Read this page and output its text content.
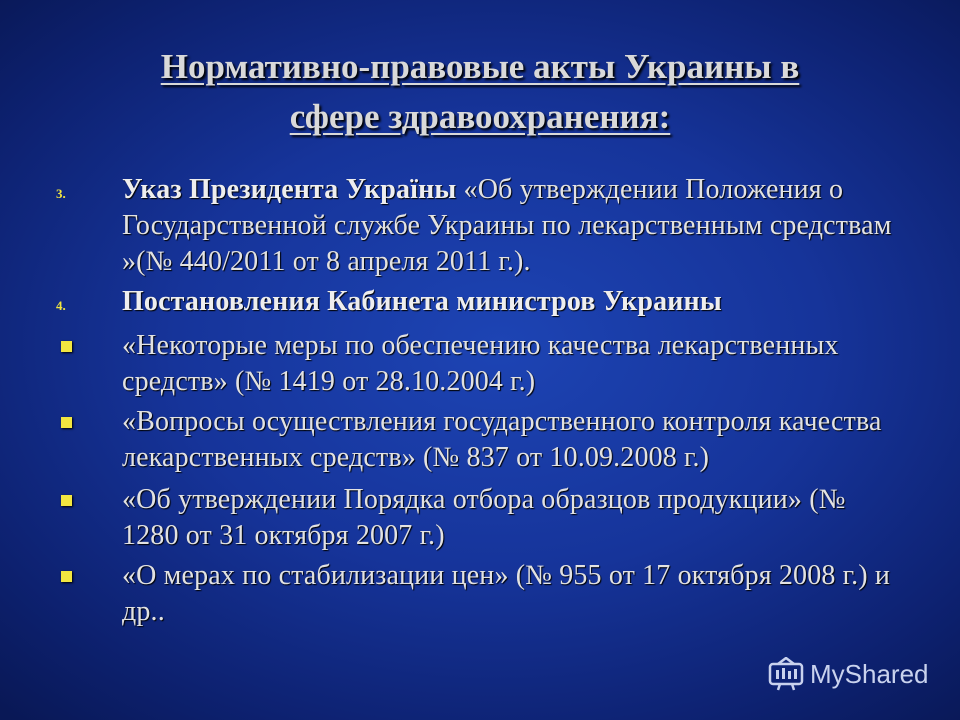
Нормативно-правовые акты Украины в
сфере здравоохранения:
3. Указ Президента Україны «Об утверждении Положения о Государственной службе Украины по лекарственным средствам »(№ 440/2011 от 8 апреля 2011 г.).
4. Постановления Кабинета министров Украины
«Некоторые меры по обеспечению качества лекарственных средств» (№ 1419 от 28.10.2004 г.)
«Вопросы осуществления государственного контроля качества лекарственных средств» (№ 837 от 10.09.2008 г.)
«Об утверждении Порядка отбора образцов продукции» (№ 1280 от 31 октября 2007 г.)
«О мерах по стабилизации цен» (№ 955 от 17 октября 2008 г.) и др..
MyShared
